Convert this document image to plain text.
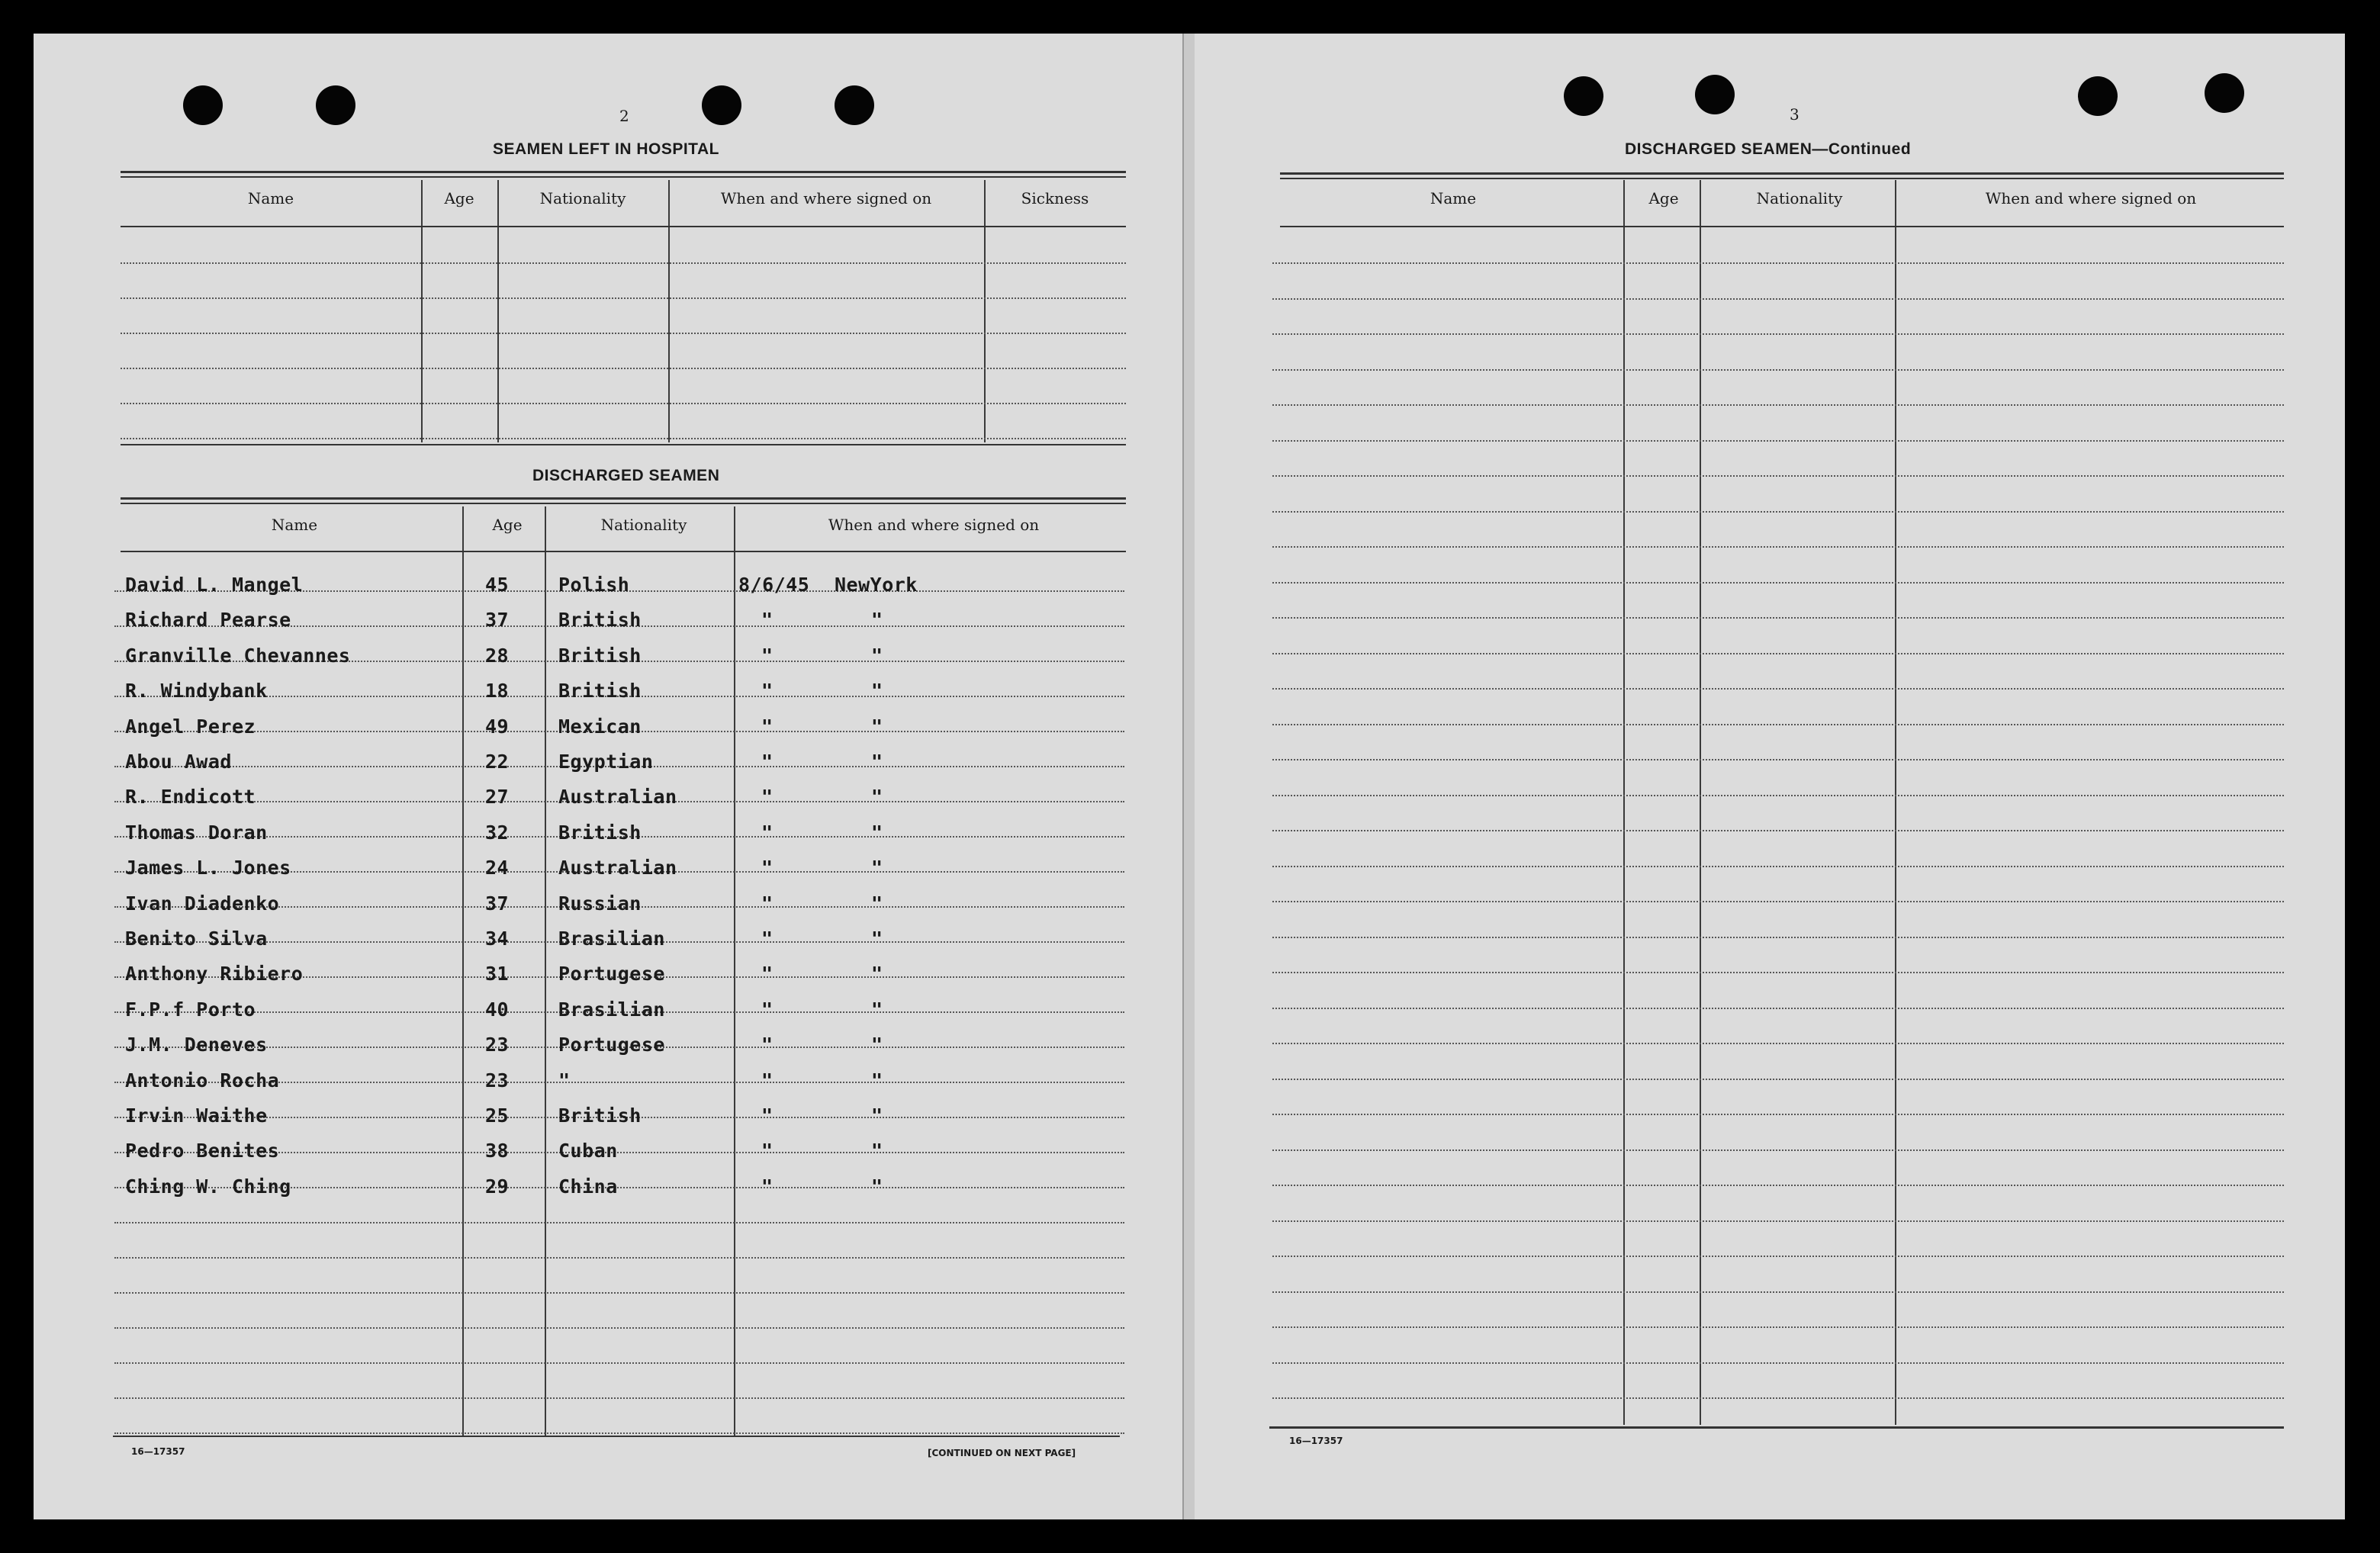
2
SEAMEN LEFT IN HOSPITAL
DISCHARGED SEAMEN
16—17357	[CONTINUED ON NEXT PAGE]
3
DISCHARGED SEAMEN—Continued
16—17357
Name	Age	Nationality	When and where signed on	Sickness
Name	Age	Nationality	When and where signed on
David L. Mangel	45	Polish	8/6/45 NewYork
Richard Pearse	37	British	"	"
Granville Chevannes	28	British	"	"
R. Windybank	18	British	"	"
Angel Perez	49	Mexican	"	"
Abou Awad	22	Egyptian	"	"
R. Endicott	27	Australian	"	"
Thomas Doran	32	British	"	"
James L. Jones	24	Australian	"	"
Ivan Diadenko	37	Russian	"	"
Benito Silva	34	Brasilian	"	"
Anthony Ribiero	31	Portugese	"	"
F.P.f Porto	40	Brasilian	"	"
J.M. Deneves	23	Portugese	"	"
Antonio Rocha	23	"	"	"
Irvin Waithe	25	British	"	"
Pedro Benites	38	Cuban	"	"
Ching W. Ching	29	China	"	"
Name	Age	Nationality	When and where signed on
